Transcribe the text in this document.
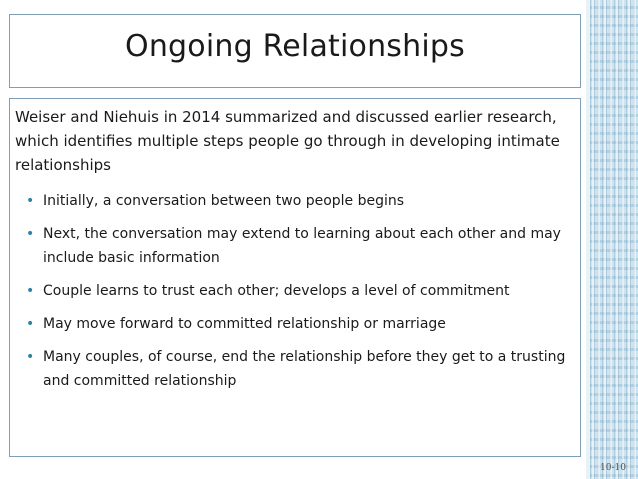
Ongoing Relationships

Weiser and Niehuis in 2014 summarized and discussed earlier research, which identifies multiple steps people go through in developing intimate relationships

• Initially, a conversation between two people begins
• Next, the conversation may extend to learning about each other and may include basic information
• Couple learns to trust each other; develops a level of commitment
• May move forward to committed relationship or marriage
• Many couples, of course, end the relationship before they get to a trusting and committed relationship
10-10
